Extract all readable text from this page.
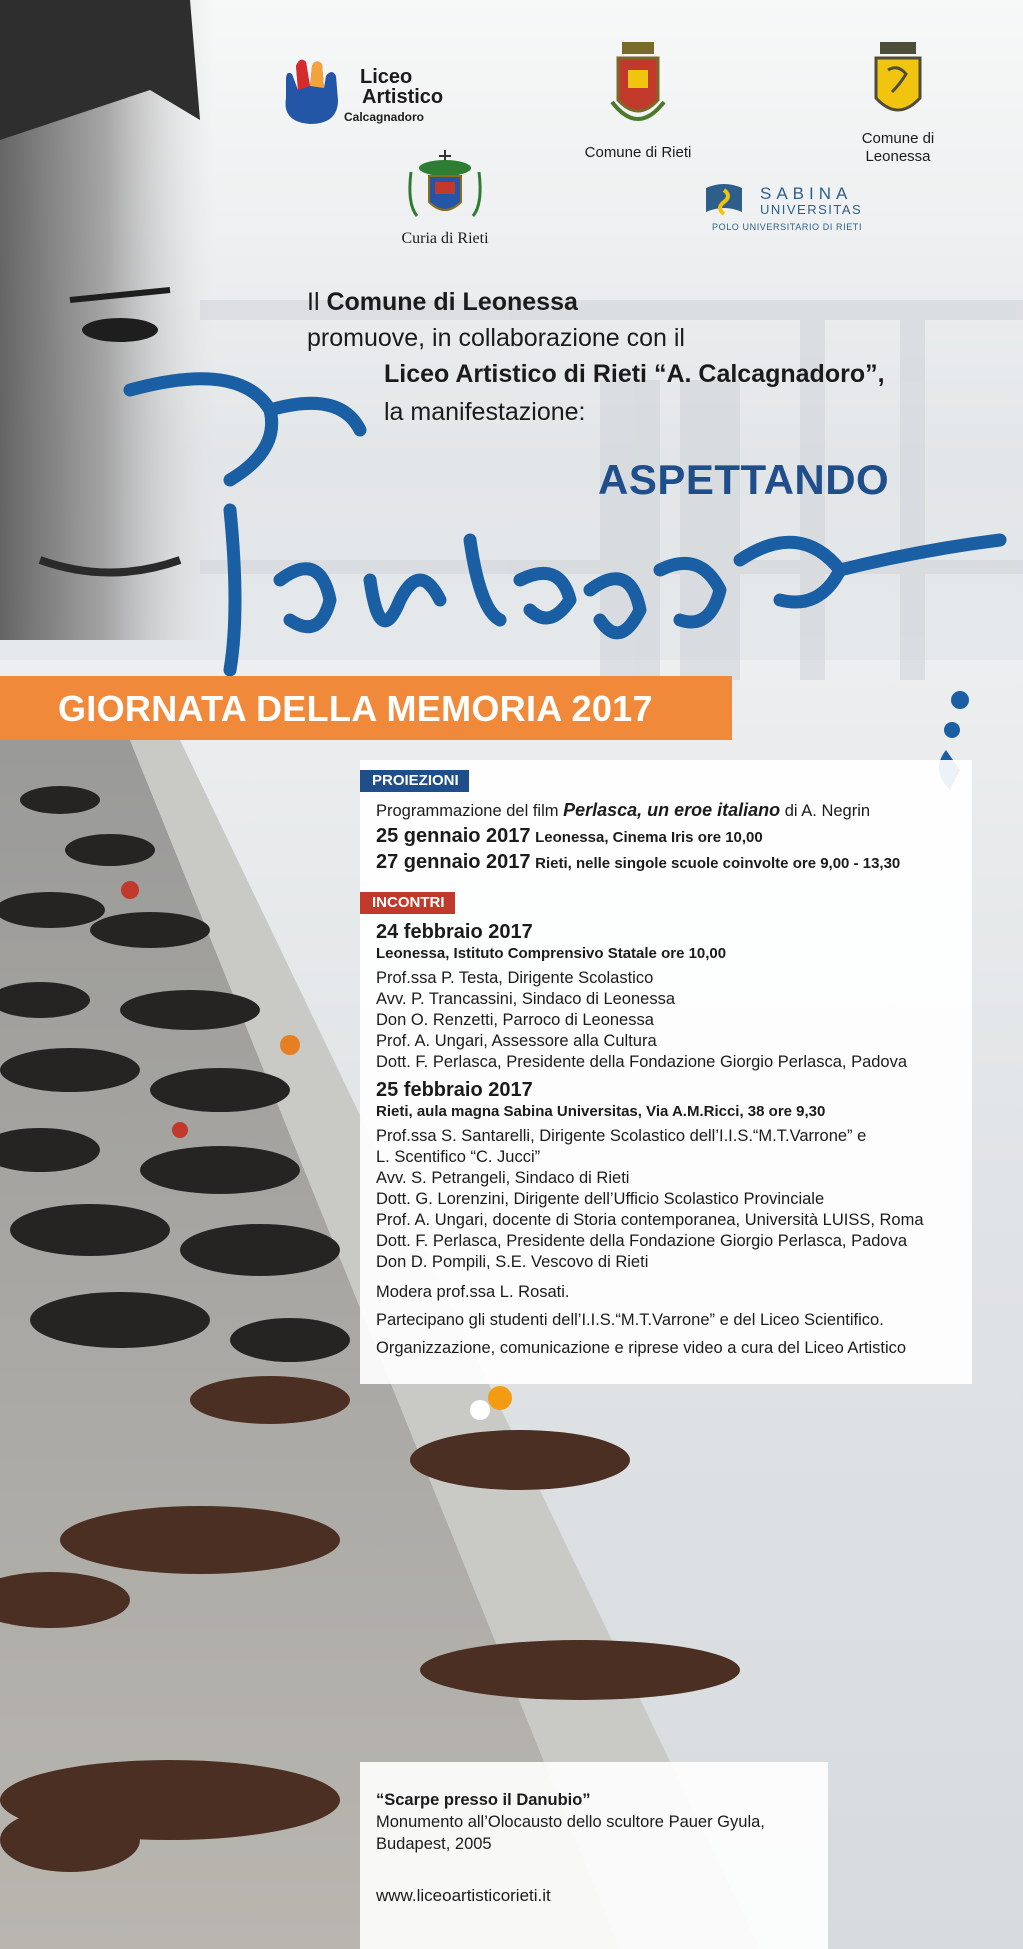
Liceo
Artistico
Calcagnadoro
Comune di Rieti
Comune di
Leonessa
Curia di Rieti
SABINA
UNIVERSITAS
POLO UNIVERSITARIO DI RIETI
Il Comune di Leonessa
promuove, in collaborazione con il
Liceo Artistico di Rieti “A. Calcagnadoro”,
la manifestazione:
ASPETTANDO
GIORNATA DELLA MEMORIA 2017
PROIEZIONI
Programmazione del film Perlasca, un eroe italiano di A. Negrin
25 gennaio 2017 Leonessa, Cinema Iris ore 10,00
27 gennaio 2017 Rieti, nelle singole scuole coinvolte ore 9,00 - 13,30
INCONTRI
24 febbraio 2017
Leonessa, Istituto Comprensivo Statale ore 10,00
Prof.ssa P. Testa, Dirigente Scolastico
Avv. P. Trancassini, Sindaco di Leonessa
Don O. Renzetti, Parroco di Leonessa
Prof. A. Ungari, Assessore alla Cultura
Dott. F. Perlasca, Presidente della Fondazione Giorgio Perlasca, Padova
25 febbraio 2017
Rieti, aula magna Sabina Universitas, Via A.M.Ricci, 38 ore 9,30
Prof.ssa S. Santarelli, Dirigente Scolastico dell’I.I.S.“M.T.Varrone” e
L. Scentifico “C. Jucci”
Avv. S. Petrangeli, Sindaco di Rieti
Dott. G. Lorenzini, Dirigente dell’Ufficio Scolastico Provinciale
Prof. A. Ungari, docente di Storia contemporanea, Università LUISS, Roma
Dott. F. Perlasca, Presidente della Fondazione Giorgio Perlasca, Padova
Don D. Pompili, S.E. Vescovo di Rieti
Modera prof.ssa L. Rosati.
Partecipano gli studenti dell’I.I.S.“M.T.Varrone” e del Liceo Scientifico.
Organizzazione, comunicazione e riprese video a cura del Liceo Artistico
“Scarpe presso il Danubio”
Monumento all’Olocausto dello scultore Pauer Gyula,
Budapest, 2005
www.liceoartisticorieti.it
